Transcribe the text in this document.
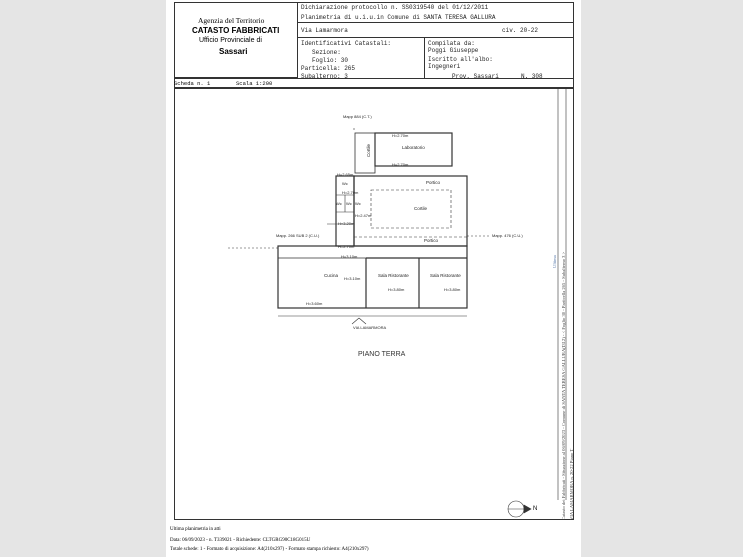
Agenzia del Territorio
CATASTO FABBRICATI
Ufficio Provinciale di
Sassari
Dichiarazione protocollo n. SS0319540 del 01/12/2011
Planimetria di u.i.u.in Comune di SANTA TERESA GALLURA
Via Lamarmora	civ. 20-22
Identificativi Catastali:
Sezione:
Foglio: 30
Particella: 265
Subalterno: 3
Compilata da:
Poggi Giuseppe
Iscritto all'albo:
Ingegneri
Prov. Sassari	N. 308
Scheda n. 1	Scala 1:200
Mapp 884 (C.T.)
Mapp. 266 SUB 2 (C.U.)	Mapp. 476 (C.U.)
Laboratorio
Cortile
Cortile
Portico
Portico
Cucina	Sala Ristorante	Sala Ristorante
Wc
Wc Wc Wc
H=2.70m
H=2.70m
H=2.65m
H=2.70m
H=2.47m
H=3.20m
H=2.70m
H=3.10m
H=3.10m
H=3.80m	H=3.80m
H=3.60m
VIA LAMARMORA
PIANO TERRA
N
Ultima planimetria in atti
Data: 06/09/2023 - n. T339021 - Richiedente: CLTGRG90C18G015U
Totale schede: 1 - Formato di acquisizione: A4(210x297) - Formato stampa richiesto: A4(210x297)
Catasto dei Fabbricati - Situazione al 06/09/2023 - Comune di SANTA TERESA GALLURA(I312) - < Foglio 30 - Particella 265 - Subalterno 3 > VIA LAMARMORA n. 20-22 Piano T
Ultima
